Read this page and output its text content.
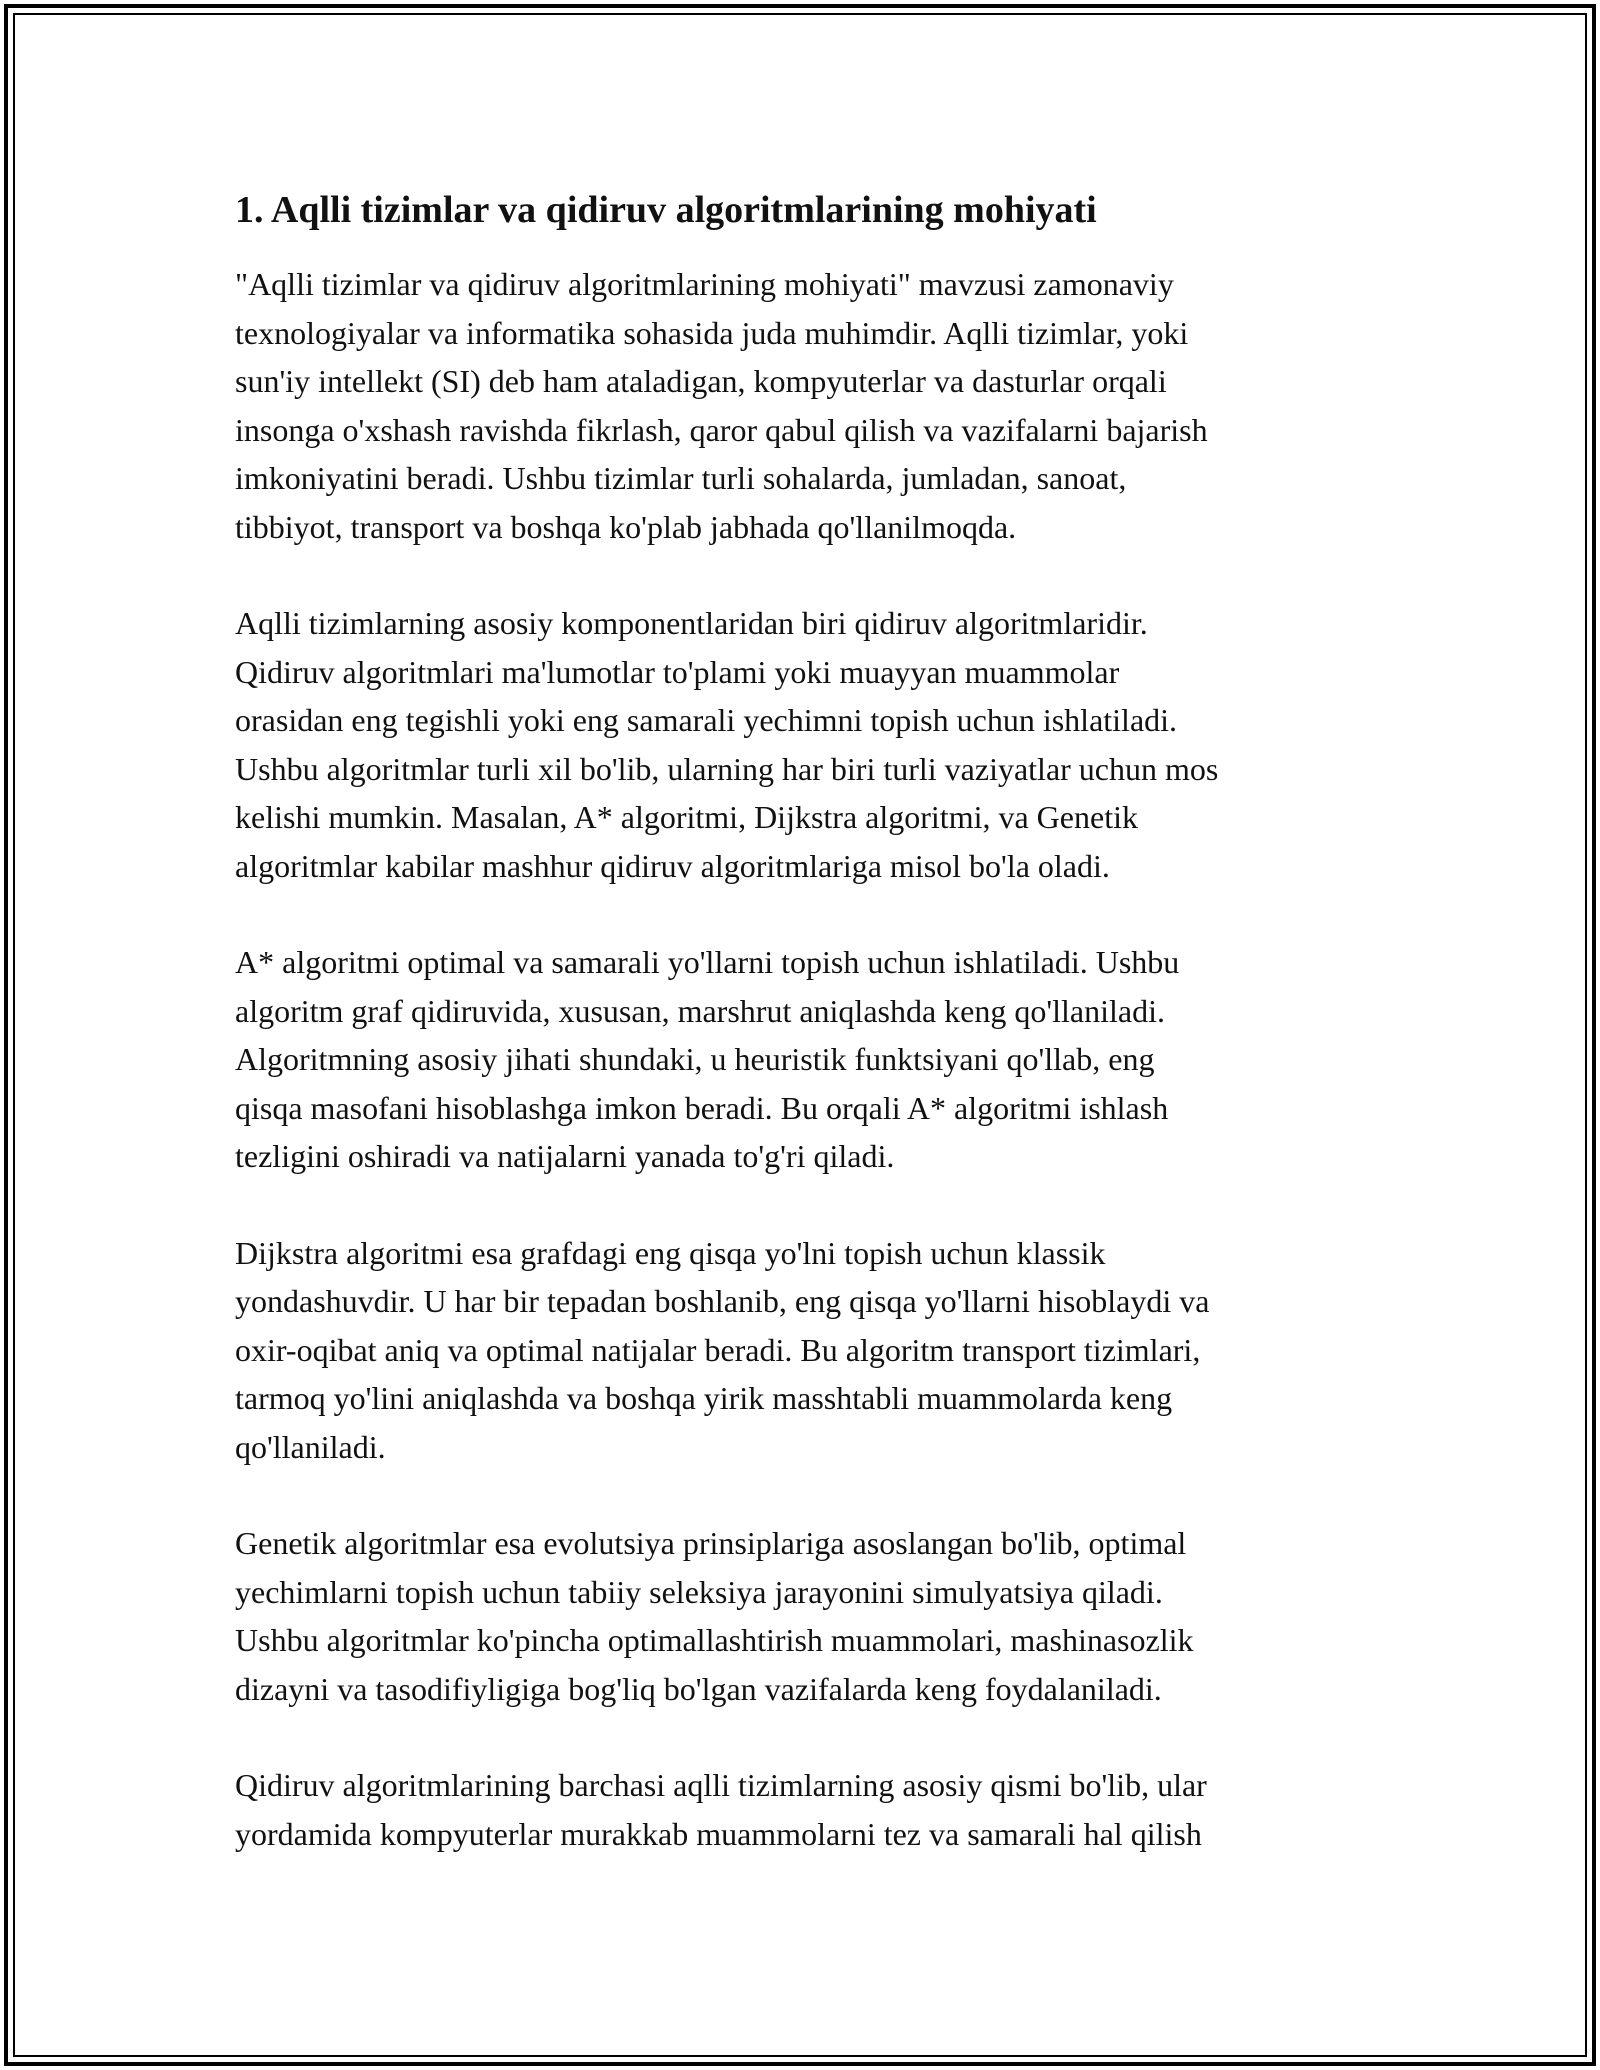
1. Aqlli tizimlar va qidiruv algoritmlarining mohiyati

"Aqlli tizimlar va qidiruv algoritmlarining mohiyati" mavzusi zamonaviy
texnologiyalar va informatika sohasida juda muhimdir. Aqlli tizimlar, yoki
sun'iy intellekt (SI) deb ham ataladigan, kompyuterlar va dasturlar orqali
insonga o'xshash ravishda fikrlash, qaror qabul qilish va vazifalarni bajarish
imkoniyatini beradi. Ushbu tizimlar turli sohalarda, jumladan, sanoat,
tibbiyot, transport va boshqa ko'plab jabhada qo'llanilmoqda.

Aqlli tizimlarning asosiy komponentlaridan biri qidiruv algoritmlaridir.
Qidiruv algoritmlari ma'lumotlar to'plami yoki muayyan muammolar
orasidan eng tegishli yoki eng samarali yechimni topish uchun ishlatiladi.
Ushbu algoritmlar turli xil bo'lib, ularning har biri turli vaziyatlar uchun mos
kelishi mumkin. Masalan, A* algoritmi, Dijkstra algoritmi, va Genetik
algoritmlar kabilar mashhur qidiruv algoritmlariga misol bo'la oladi.

A* algoritmi optimal va samarali yo'llarni topish uchun ishlatiladi. Ushbu
algoritm graf qidiruvida, xususan, marshrut aniqlashda keng qo'llaniladi.
Algoritmning asosiy jihati shundaki, u heuristik funktsiyani qo'llab, eng
qisqa masofani hisoblashga imkon beradi. Bu orqali A* algoritmi ishlash
tezligini oshiradi va natijalarni yanada to'g'ri qiladi.

Dijkstra algoritmi esa grafdagi eng qisqa yo'lni topish uchun klassik
yondashuvdir. U har bir tepadan boshlanib, eng qisqa yo'llarni hisoblaydi va
oxir-oqibat aniq va optimal natijalar beradi. Bu algoritm transport tizimlari,
tarmoq yo'lini aniqlashda va boshqa yirik masshtabli muammolarda keng
qo'llaniladi.

Genetik algoritmlar esa evolutsiya prinsiplariga asoslangan bo'lib, optimal
yechimlarni topish uchun tabiiy seleksiya jarayonini simulyatsiya qiladi.
Ushbu algoritmlar ko'pincha optimallashtirish muammolari, mashinasozlik
dizayni va tasodifiyligiga bog'liq bo'lgan vazifalarda keng foydalaniladi.

Qidiruv algoritmlarining barchasi aqlli tizimlarning asosiy qismi bo'lib, ular
yordamida kompyuterlar murakkab muammolarni tez va samarali hal qilish
